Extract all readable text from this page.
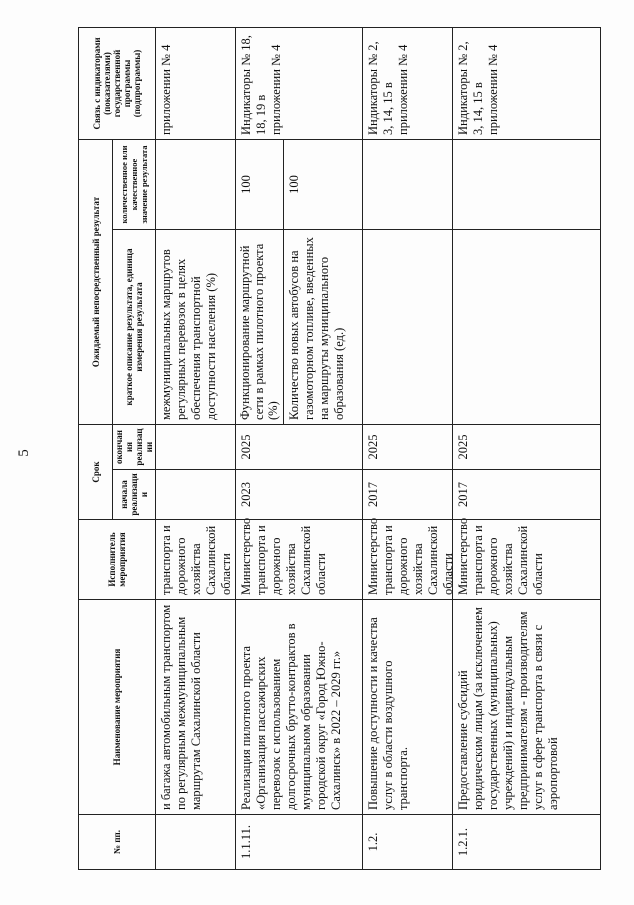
5
№ пп.
Наименование мероприятия
Исполнитель мероприятия
Срок
начала реализации
окончания реализации
Ожидаемый непосредственный результат	краткое описание результата, единица измерения результата
количественное или качественное значение результата
Связь с индикаторами (показателями) государственной программы (подпрограммы)
и багажа автомобильным транспортом по регулярным межмуниципальным маршрутам Сахалинской области
транспорта и дорожного хозяйства Сахалинской области
межмуниципальных маршрутов регулярных перевозок в целях обеспечения транспортной доступности населения (%)
приложении № 4
1.1.11.
Реализация пилотного проекта «Организация пассажирских перевозок с использованием долгосрочных брутто-контрактов в муниципальном образовании городской округ «Город Южно-Сахалинск» в 2022 – 2029 гг.»
Министерство транспорта и дорожного хозяйства Сахалинской области
2023
2025
Функционирование маршрутной сети в рамках пилотного проекта (%)
100
Количество новых автобусов на газомоторном топливе, введенных на маршруты муниципального образования (ед.)
100
Индикаторы № 18, 18, 19 в приложении № 4
1.2.
Повышение доступности и качества услуг в области воздушного транспорта.
Министерство транспорта и дорожного хозяйства Сахалинской области
2017
2025
Индикаторы № 2, 3, 14, 15 в приложении № 4
1.2.1.
Предоставление субсидий юридическим лицам (за исключением государственных (муниципальных) учреждений) и индивидуальным предпринимателям - производителям услуг в сфере транспорта в связи с аэропортовой
Министерство транспорта и дорожного хозяйства Сахалинской области
2017
2025
Индикаторы № 2, 3, 14, 15 в приложении № 4
